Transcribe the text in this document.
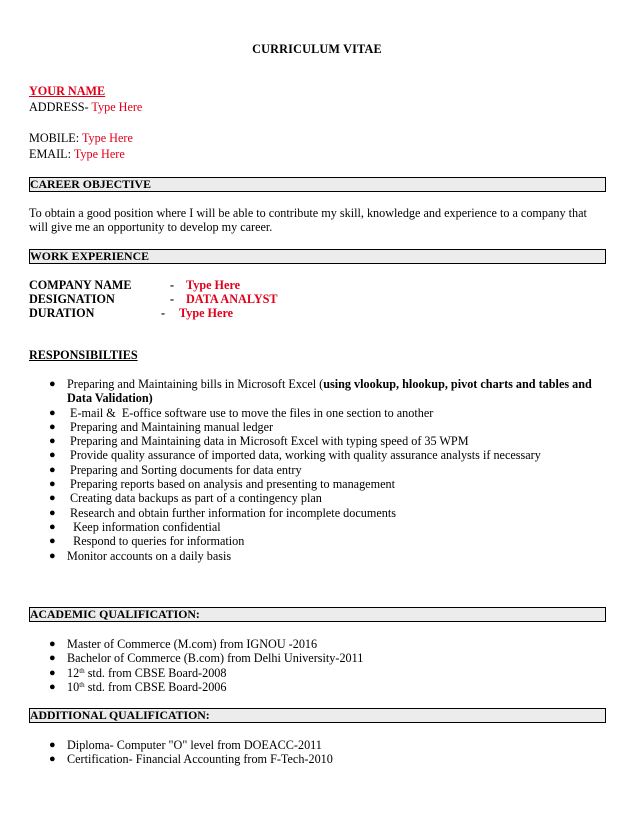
CURRICULUM VITAE
YOUR NAME
ADDRESS- Type Here
MOBILE: Type Here
EMAIL: Type Here
CAREER OBJECTIVE
To obtain a good position where I will be able to contribute my skill, knowledge and experience to a company that will give me an opportunity to develop my career.
WORK EXPERIENCE
COMPANY NAME	- Type Here
DESIGNATION	- DATA ANALYST
DURATION	- Type Here
RESPONSIBILTIES
● Preparing and Maintaining bills in Microsoft Excel (using vlookup, hlookup, pivot charts and tables and Data Validation)
● E-mail &  E-office software use to move the files in one section to another
● Preparing and Maintaining manual ledger
● Preparing and Maintaining data in Microsoft Excel with typing speed of 35 WPM
● Provide quality assurance of imported data, working with quality assurance analysts if necessary
● Preparing and Sorting documents for data entry
● Preparing reports based on analysis and presenting to management
● Creating data backups as part of a contingency plan
● Research and obtain further information for incomplete documents
● Keep information confidential
● Respond to queries for information
● Monitor accounts on a daily basis
ACADEMIC QUALIFICATION:
● Master of Commerce (M.com) from IGNOU -2016
● Bachelor of Commerce (B.com) from Delhi University-2011
● 12th std. from CBSE Board-2008
● 10th std. from CBSE Board-2006
ADDITIONAL QUALIFICATION:
● Diploma- Computer "O" level from DOEACC-2011
● Certification- Financial Accounting from F-Tech-2010
